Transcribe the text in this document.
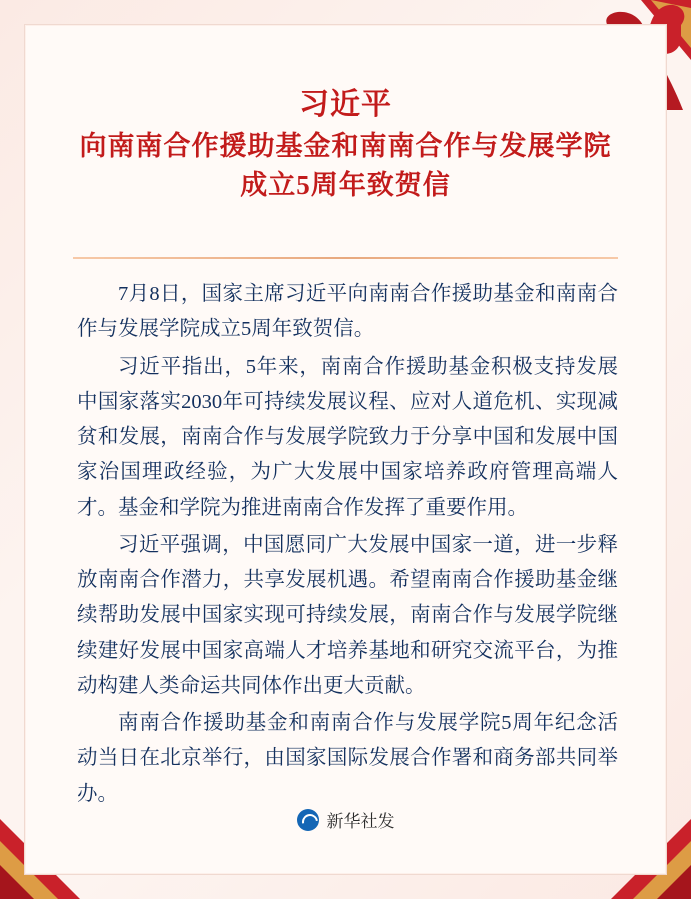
习近平
向南南合作援助基金和南南合作与发展学院
成立5周年致贺信

7月8日，国家主席习近平向南南合作援助基金和南南合作与发展学院成立5周年致贺信。

习近平指出，5年来，南南合作援助基金积极支持发展中国家落实2030年可持续发展议程、应对人道危机、实现减贫和发展，南南合作与发展学院致力于分享中国和发展中国家治国理政经验，为广大发展中国家培养政府管理高端人才。基金和学院为推进南南合作发挥了重要作用。

习近平强调，中国愿同广大发展中国家一道，进一步释放南南合作潜力，共享发展机遇。希望南南合作援助基金继续帮助发展中国家实现可持续发展，南南合作与发展学院继续建好发展中国家高端人才培养基地和研究交流平台，为推动构建人类命运共同体作出更大贡献。

南南合作援助基金和南南合作与发展学院5周年纪念活动当日在北京举行，由国家国际发展合作署和商务部共同举办。

新华社发
